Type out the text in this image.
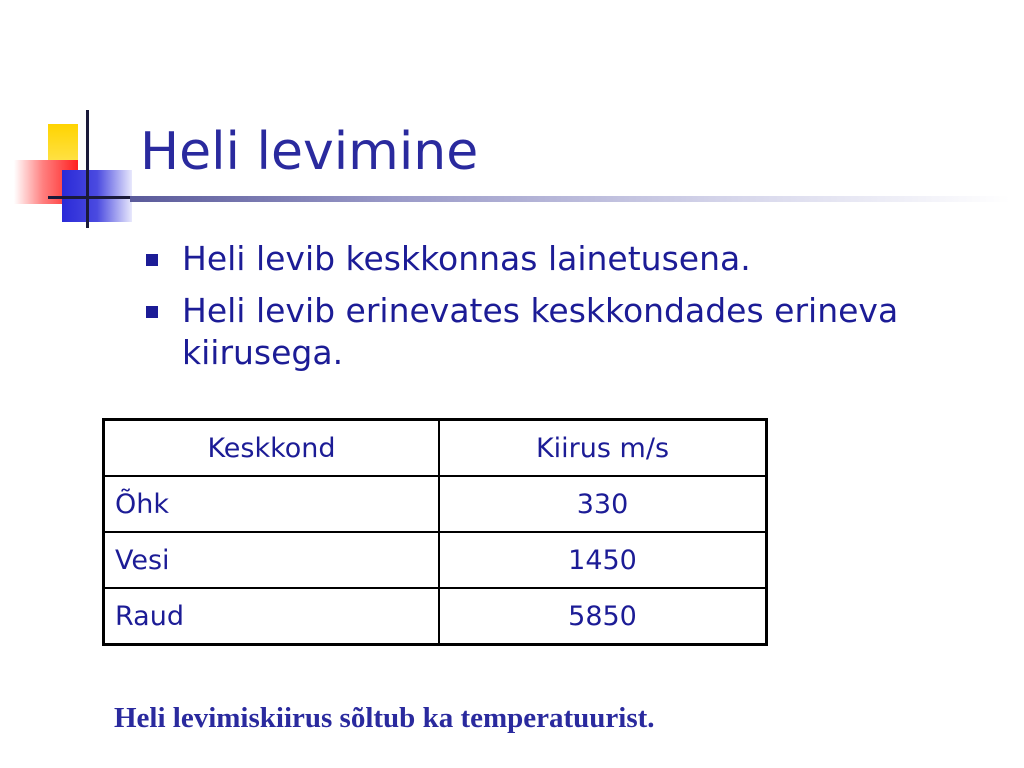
Heli levimine
Heli levib keskkonnas lainetusena.
Heli levib erinevates keskkondades erineva kiirusega.
Keskkond	Kiirus m/s
Õhk	330
Vesi	1450
Raud	5850
Heli levimiskiirus sõltub ka temperatuurist.
